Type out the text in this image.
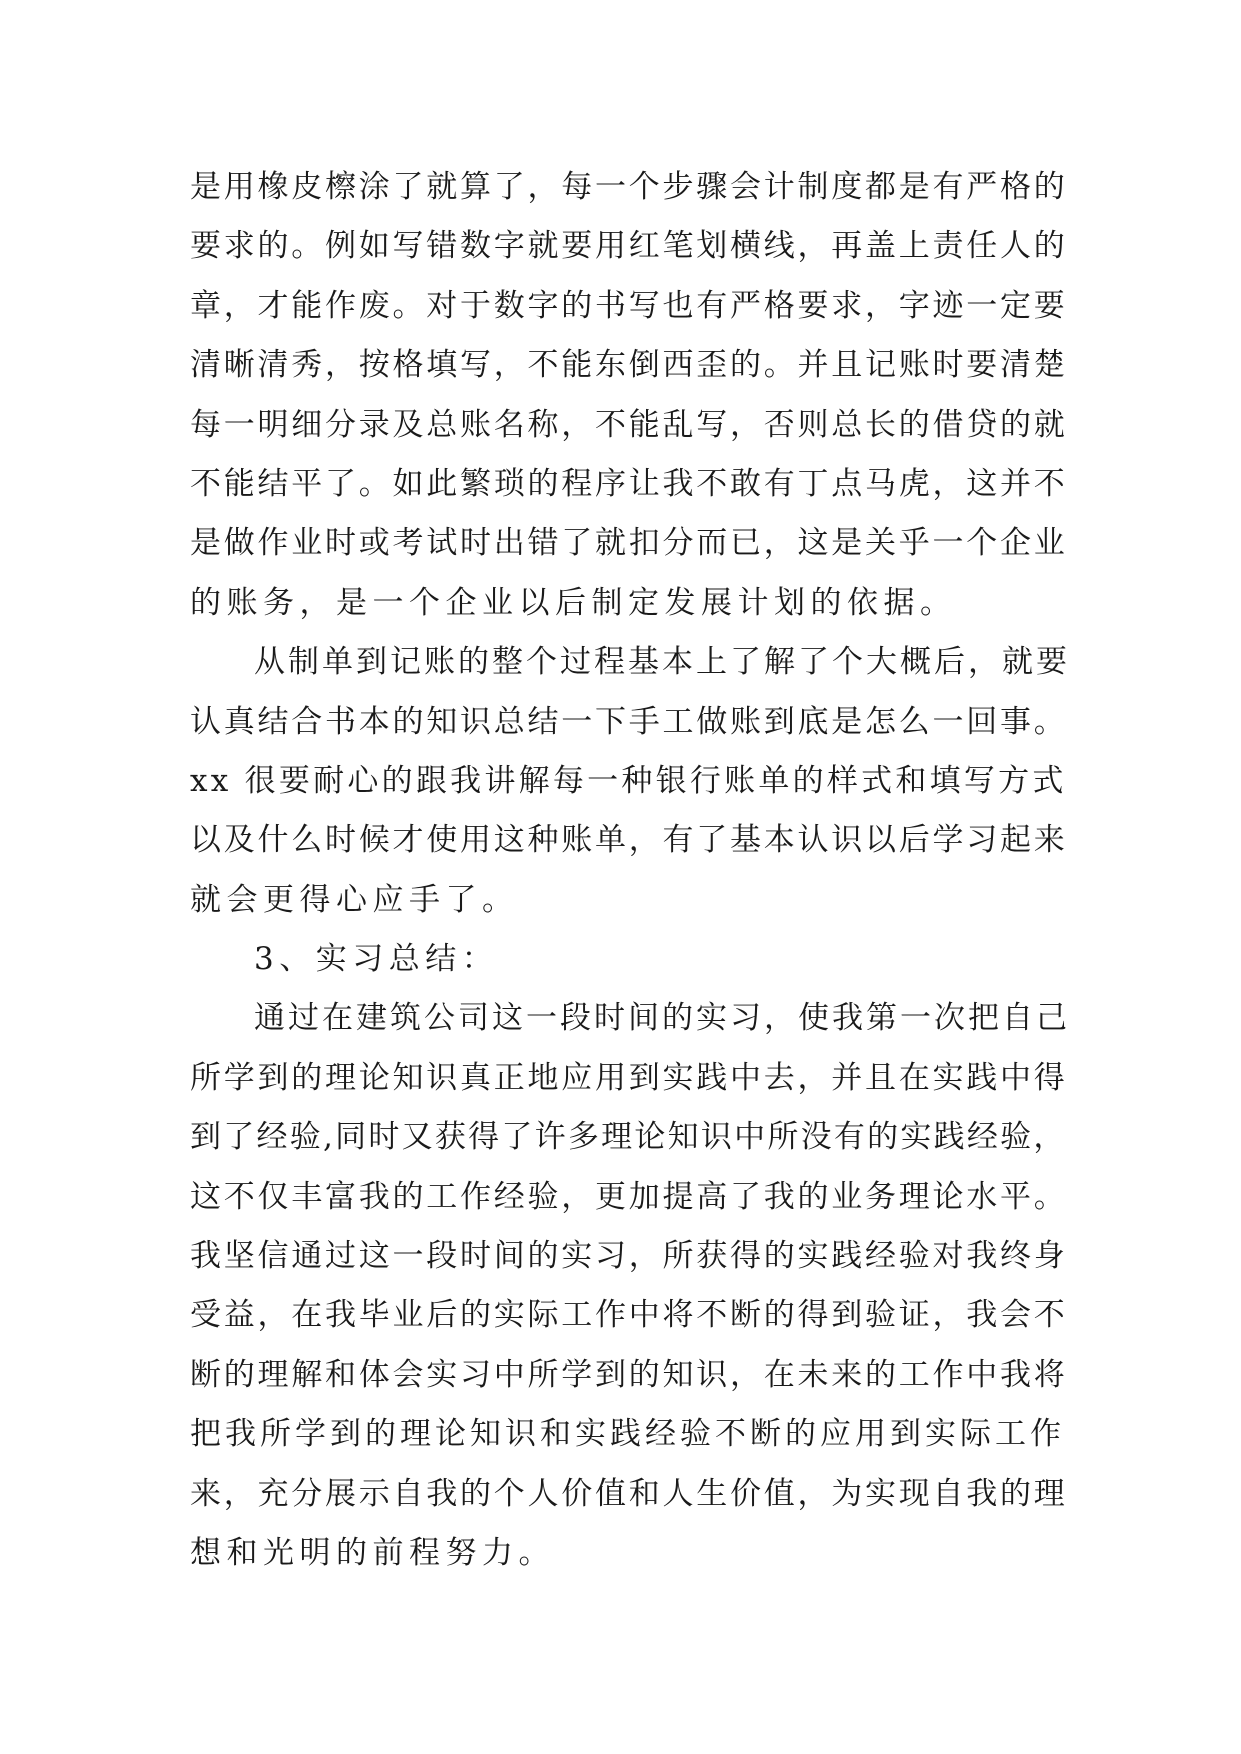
是用橡皮檫涂了就算了，每一个步骤会计制度都是有严格的
要求的。例如写错数字就要用红笔划横线，再盖上责任人的
章，才能作废。对于数字的书写也有严格要求，字迹一定要
清晰清秀，按格填写，不能东倒西歪的。并且记账时要清楚
每一明细分录及总账名称，不能乱写，否则总长的借贷的就
不能结平了。如此繁琐的程序让我不敢有丁点马虎，这并不
是做作业时或考试时出错了就扣分而已，这是关乎一个企业
的账务，是一个企业以后制定发展计划的依据。
从制单到记账的整个过程基本上了解了个大概后，就要
认真结合书本的知识总结一下手工做账到底是怎么一回事。
xx 很要耐心的跟我讲解每一种银行账单的样式和填写方式
以及什么时候才使用这种账单，有了基本认识以后学习起来
就会更得心应手了。
3、实习总结：
通过在建筑公司这一段时间的实习，使我第一次把自己
所学到的理论知识真正地应用到实践中去，并且在实践中得
到了经验,同时又获得了许多理论知识中所没有的实践经验，
这不仅丰富我的工作经验，更加提高了我的业务理论水平。
我坚信通过这一段时间的实习，所获得的实践经验对我终身
受益，在我毕业后的实际工作中将不断的得到验证，我会不
断的理解和体会实习中所学到的知识，在未来的工作中我将
把我所学到的理论知识和实践经验不断的应用到实际工作
来，充分展示自我的个人价值和人生价值，为实现自我的理
想和光明的前程努力。
